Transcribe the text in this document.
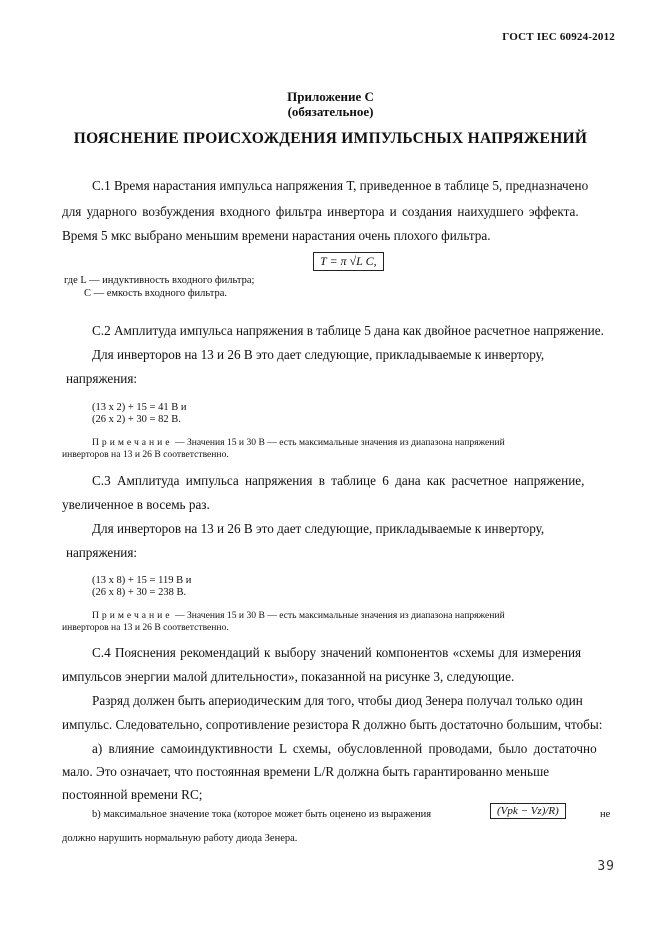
ГОСТ IEC 60924-2012
Приложение С
(обязательное)
ПОЯСНЕНИЕ ПРОИСХОЖДЕНИЯ ИМПУЛЬСНЫХ НАПРЯЖЕНИЙ
С.1 Время нарастания импульса напряжения Т, приведенное в таблице 5, предназначено
для ударного возбуждения входного фильтра инвертора и создания наихудшего эффекта.
Время 5 мкс выбрано меньшим времени нарастания очень плохого фильтра.
T = π √L C,
где L — индуктивность входного фильтра;
C — емкость входного фильтра.
С.2 Амплитуда импульса напряжения в таблице 5 дана как двойное расчетное напряжение.
Для инверторов на 13 и 26 В это дает следующие, прикладываемые к инвертору,
напряжения:
(13 x 2) + 15 = 41 В и
(26 x 2) + 30 = 82 В.
Примечание — Значения 15 и 30 В — есть максимальные значения из диапазона напряжений
инверторов на 13 и 26 В соответственно.
С.3 Амплитуда импульса напряжения в таблице 6 дана как расчетное напряжение,
увеличенное в восемь раз.
Для инверторов на 13 и 26 В это дает следующие, прикладываемые к инвертору,
напряжения:
(13 x 8) + 15 = 119 В и
(26 x 8) + 30 = 238 В.
Примечание — Значения 15 и 30 В — есть максимальные значения из диапазона напряжений
инверторов на 13 и 26 В соответственно.
С.4 Пояснения рекомендаций к выбору значений компонентов «схемы для измерения
импульсов энергии малой длительности», показанной на рисунке 3, следующие.
Разряд должен быть апериодическим для того, чтобы диод Зенера получал только один
импульс. Следовательно, сопротивление резистора R должно быть достаточно большим, чтобы:
а) влияние самоиндуктивности L схемы, обусловленной проводами, было достаточно
мало. Это означает, что постоянная времени L/R должна быть гарантированно меньше
постоянной времени RC;
b) максимальное значение тока (которое может быть оценено из выражения	(Vpk − Vz)/R)	не
должно нарушить нормальную работу диода Зенера.
39
